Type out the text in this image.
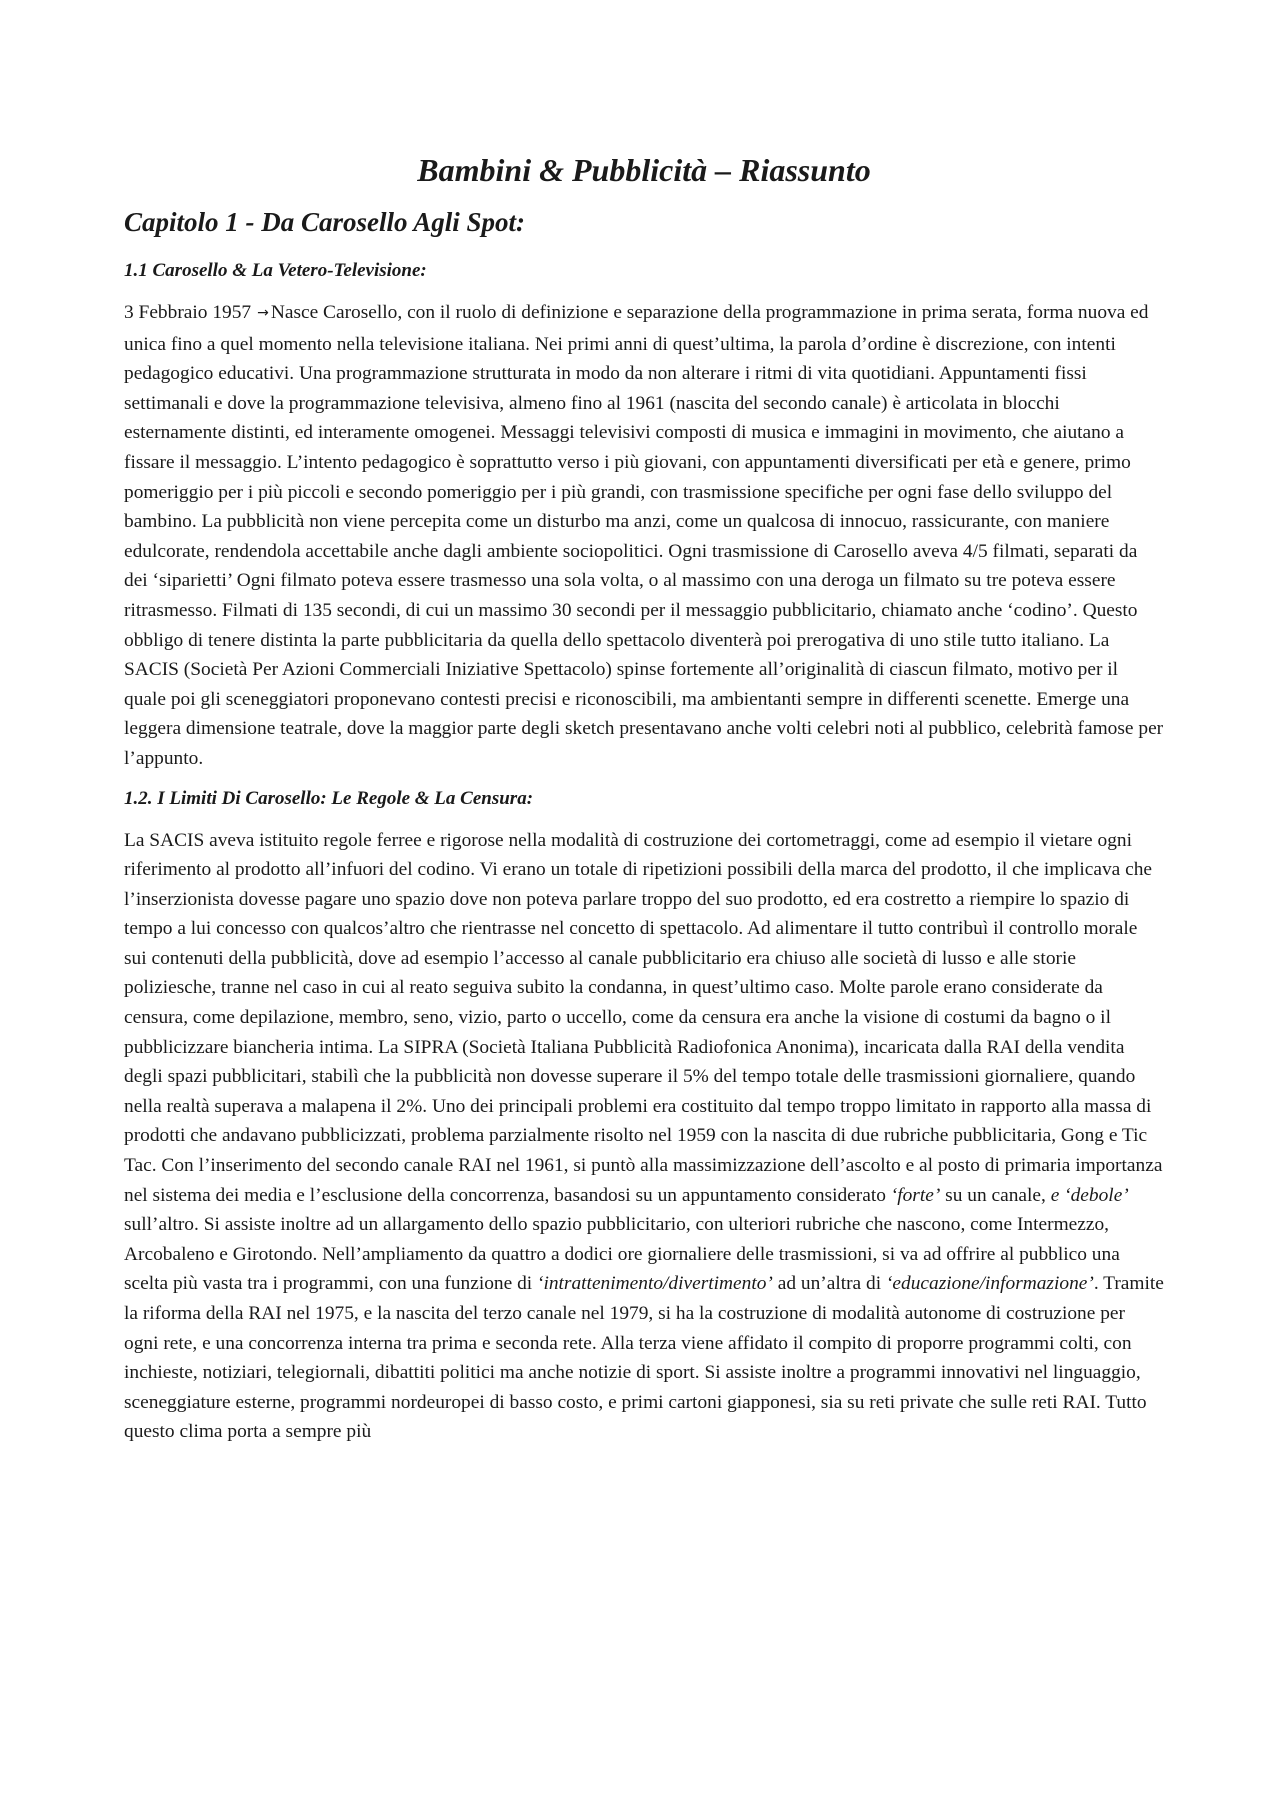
Bambini & Pubblicità – Riassunto
Capitolo 1 - Da Carosello Agli Spot:
1.1 Carosello & La Vetero-Televisione:

3 Febbraio 1957 → Nasce Carosello, con il ruolo di definizione e separazione della programmazione in prima serata, forma nuova ed unica fino a quel momento nella televisione italiana. Nei primi anni di quest’ultima, la parola d’ordine è discrezione, con intenti pedagogico educativi. Una programmazione strutturata in modo da non alterare i ritmi di vita quotidiani. Appuntamenti fissi settimanali e dove la programmazione televisiva, almeno fino al 1961 (nascita del secondo canale) è articolata in blocchi esternamente distinti, ed interamente omogenei. Messaggi televisivi composti di musica e immagini in movimento, che aiutano a fissare il messaggio. L’intento pedagogico è soprattutto verso i più giovani, con appuntamenti diversificati per età e genere, primo pomeriggio per i più piccoli e secondo pomeriggio per i più grandi, con trasmissione specifiche per ogni fase dello sviluppo del bambino. La pubblicità non viene percepita come un disturbo ma anzi, come un qualcosa di innocuo, rassicurante, con maniere edulcorate, rendendola accettabile anche dagli ambiente sociopolitici. Ogni trasmissione di Carosello aveva 4/5 filmati, separati da dei ‘siparietti’ Ogni filmato poteva essere trasmesso una sola volta, o al massimo con una deroga un filmato su tre poteva essere ritrasmesso. Filmati di 135 secondi, di cui un massimo 30 secondi per il messaggio pubblicitario, chiamato anche ‘codino’. Questo obbligo di tenere distinta la parte pubblicitaria da quella dello spettacolo diventerà poi prerogativa di uno stile tutto italiano. La SACIS (Società Per Azioni Commerciali Iniziative Spettacolo) spinse fortemente all’originalità di ciascun filmato, motivo per il quale poi gli sceneggiatori proponevano contesti precisi e riconoscibili, ma ambientanti sempre in differenti scenette. Emerge una leggera dimensione teatrale, dove la maggior parte degli sketch presentavano anche volti celebri noti al pubblico, celebrità famose per l’appunto.

1.2. I Limiti Di Carosello: Le Regole & La Censura:

La SACIS aveva istituito regole ferree e rigorose nella modalità di costruzione dei cortometraggi, come ad esempio il vietare ogni riferimento al prodotto all’infuori del codino. Vi erano un totale di ripetizioni possibili della marca del prodotto, il che implicava che l’inserzionista dovesse pagare uno spazio dove non poteva parlare troppo del suo prodotto, ed era costretto a riempire lo spazio di tempo a lui concesso con qualcos’altro che rientrasse nel concetto di spettacolo. Ad alimentare il tutto contribuì il controllo morale sui contenuti della pubblicità, dove ad esempio l’accesso al canale pubblicitario era chiuso alle società di lusso e alle storie poliziesche, tranne nel caso in cui al reato seguiva subito la condanna, in quest’ultimo caso. Molte parole erano considerate da censura, come depilazione, membro, seno, vizio, parto o uccello, come da censura era anche la visione di costumi da bagno o il pubblicizzare biancheria intima. La SIPRA (Società Italiana Pubblicità Radiofonica Anonima), incaricata dalla RAI della vendita degli spazi pubblicitari, stabilì che la pubblicità non dovesse superare il 5% del tempo totale delle trasmissioni giornaliere, quando nella realtà superava a malapena il 2%. Uno dei principali problemi era costituito dal tempo troppo limitato in rapporto alla massa di prodotti che andavano pubblicizzati, problema parzialmente risolto nel 1959 con la nascita di due rubriche pubblicitaria, Gong e Tic Tac. Con l’inserimento del secondo canale RAI nel 1961, si puntò alla massimizzazione dell’ascolto e al posto di primaria importanza nel sistema dei media e l’esclusione della concorrenza, basandosi su un appuntamento considerato ‘forte’ su un canale, e ‘debole’ sull’altro. Si assiste inoltre ad un allargamento dello spazio pubblicitario, con ulteriori rubriche che nascono, come Intermezzo, Arcobaleno e Girotondo. Nell’ampliamento da quattro a dodici ore giornaliere delle trasmissioni, si va ad offrire al pubblico una scelta più vasta tra i programmi, con una funzione di ‘intrattenimento/divertimento’ ad un’altra di ‘educazione/informazione’. Tramite la riforma della RAI nel 1975, e la nascita del terzo canale nel 1979, si ha la costruzione di modalità autonome di costruzione per ogni rete, e una concorrenza interna tra prima e seconda rete. Alla terza viene affidato il compito di proporre programmi colti, con inchieste, notiziari, telegiornali, dibattiti politici ma anche notizie di sport. Si assiste inoltre a programmi innovativi nel linguaggio, sceneggiature esterne, programmi nordeuropei di basso costo, e primi cartoni giapponesi, sia su reti private che sulle reti RAI. Tutto questo clima porta a sempre più
